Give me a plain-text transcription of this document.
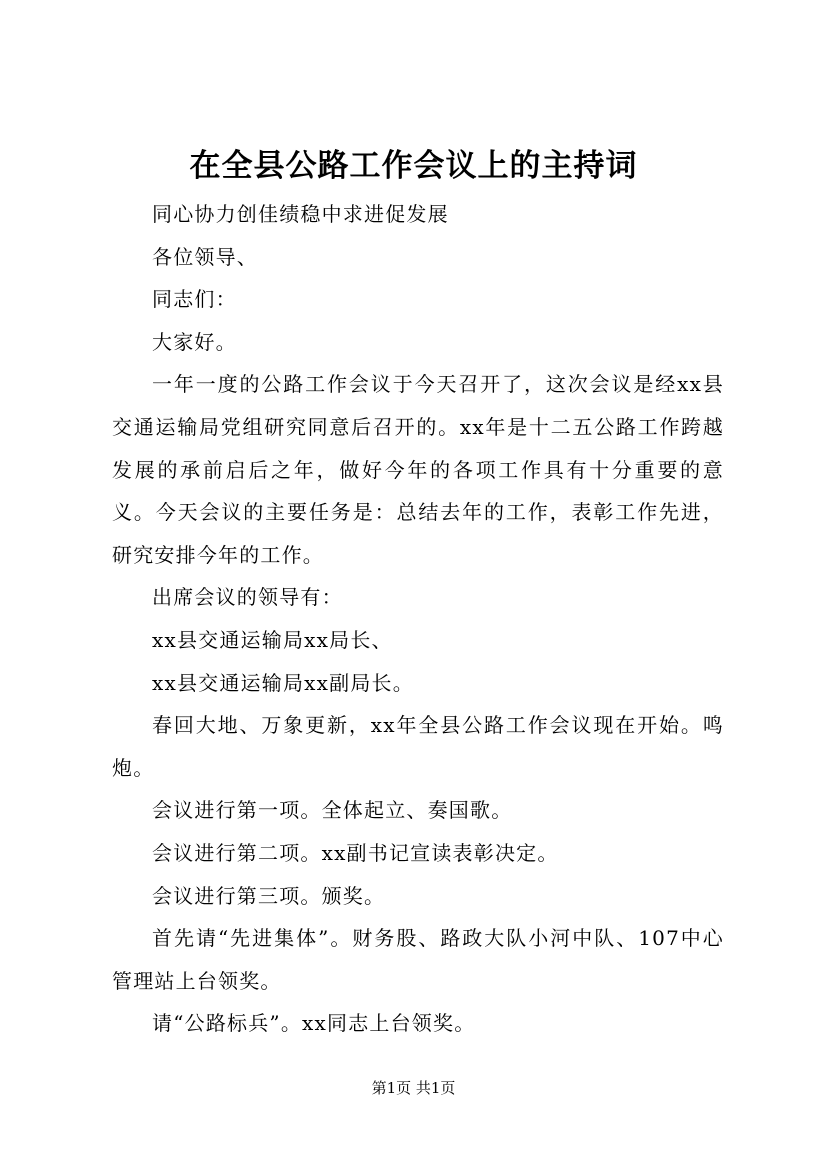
在全县公路工作会议上的主持词

同心协力创佳绩稳中求进促发展

各位领导、

同志们：

大家好。

一年一度的公路工作会议于今天召开了，这次会议是经xx县交通运输局党组研究同意后召开的。xx年是十二五公路工作跨越发展的承前启后之年，做好今年的各项工作具有十分重要的意义。今天会议的主要任务是：总结去年的工作，表彰工作先进，研究安排今年的工作。

出席会议的领导有：

xx县交通运输局xx局长、

xx县交通运输局xx副局长。

春回大地、万象更新，xx年全县公路工作会议现在开始。鸣炮。

会议进行第一项。全体起立、奏国歌。

会议进行第二项。xx副书记宣读表彰决定。

会议进行第三项。颁奖。

首先请“先进集体”。财务股、路政大队小河中队、107中心管理站上台领奖。

请“公路标兵”。xx同志上台领奖。

第1页 共1页
